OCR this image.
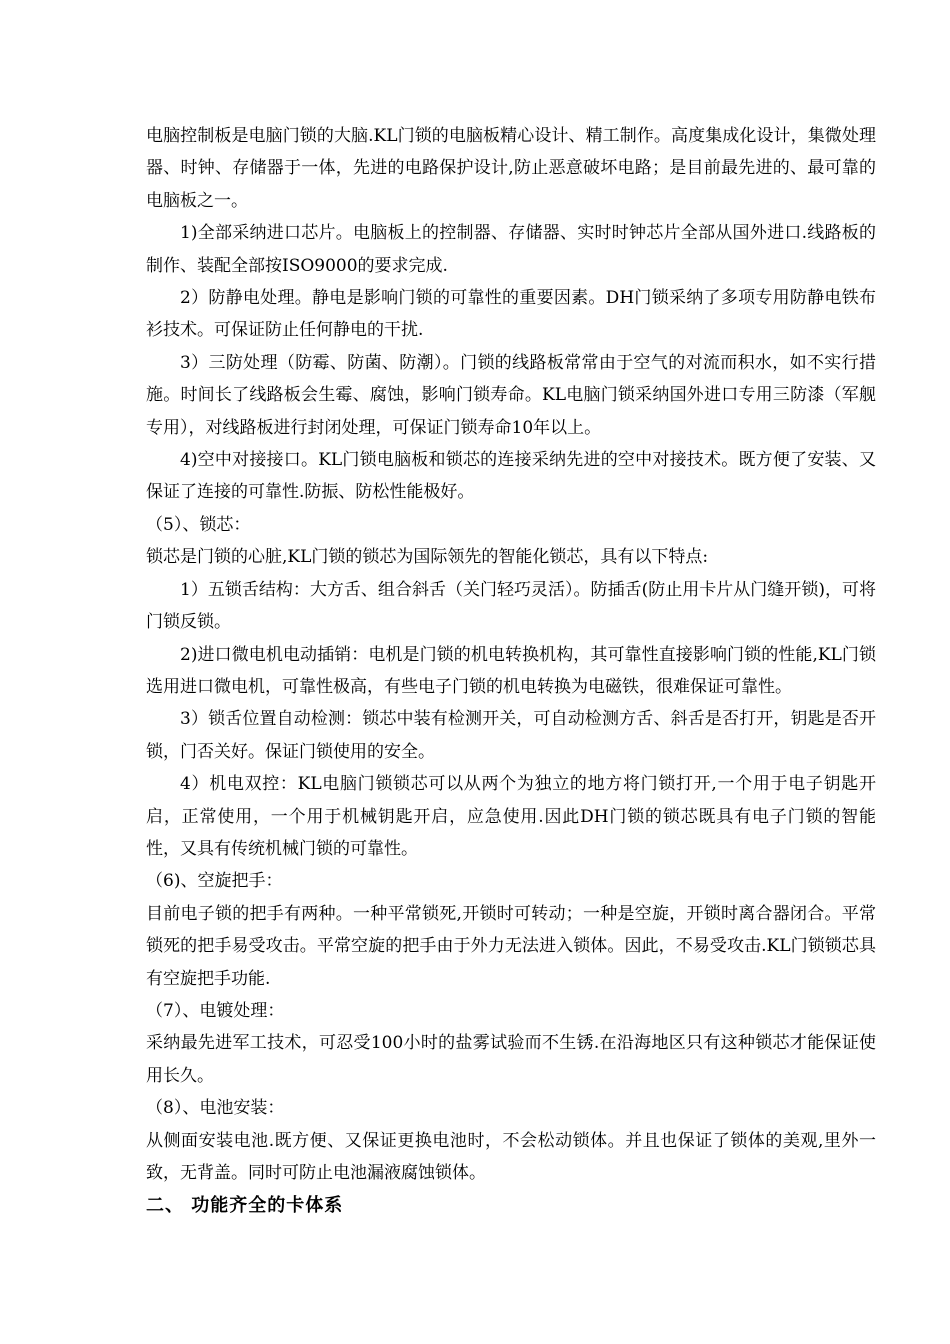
电脑控制板是电脑门锁的大脑.KL门锁的电脑板精心设计、精工制作。高度集成化设计，集微处理器、时钟、存储器于一体，先进的电路保护设计,防止恶意破坏电路；是目前最先进的、最可靠的电脑板之一。

1)全部采纳进口芯片。电脑板上的控制器、存储器、实时时钟芯片全部从国外进口.线路板的制作、装配全部按ISO9000的要求完成.

2）防静电处理。静电是影响门锁的可靠性的重要因素。DH门锁采纳了多项专用防静电铁布衫技术。可保证防止任何静电的干扰.

3）三防处理（防霉、防菌、防潮）。门锁的线路板常常由于空气的对流而积水，如不实行措施。时间长了线路板会生霉、腐蚀，影响门锁寿命。KL电脑门锁采纳国外进口专用三防漆（军舰专用），对线路板进行封闭处理，可保证门锁寿命10年以上。

4)空中对接接口。KL门锁电脑板和锁芯的连接采纳先进的空中对接技术。既方便了安装、又保证了连接的可靠性.防振、防松性能极好。

（5）、锁芯：

锁芯是门锁的心脏,KL门锁的锁芯为国际领先的智能化锁芯，具有以下特点:

1）五锁舌结构：大方舌、组合斜舌（关门轻巧灵活）。防插舌(防止用卡片从门缝开锁)，可将门锁反锁。

2)进口微电机电动插销：电机是门锁的机电转换机构，其可靠性直接影响门锁的性能,KL门锁选用进口微电机，可靠性极高，有些电子门锁的机电转换为电磁铁，很难保证可靠性。

3）锁舌位置自动检测：锁芯中装有检测开关，可自动检测方舌、斜舌是否打开，钥匙是否开锁，门否关好。保证门锁使用的安全。

4）机电双控：KL电脑门锁锁芯可以从两个为独立的地方将门锁打开,一个用于电子钥匙开启，正常使用，一个用于机械钥匙开启，应急使用.因此DH门锁的锁芯既具有电子门锁的智能性，又具有传统机械门锁的可靠性。

（6)、空旋把手：

目前电子锁的把手有两种。一种平常锁死,开锁时可转动；一种是空旋，开锁时离合器闭合。平常锁死的把手易受攻击。平常空旋的把手由于外力无法进入锁体。因此，不易受攻击.KL门锁锁芯具有空旋把手功能.

（7）、电镀处理：

采纳最先进军工技术，可忍受100小时的盐雾试验而不生锈.在沿海地区只有这种锁芯才能保证使用长久。

（8）、电池安装：

从侧面安装电池.既方便、又保证更换电池时，不会松动锁体。并且也保证了锁体的美观,里外一致，无背盖。同时可防止电池漏液腐蚀锁体。

二、 功能齐全的卡体系
